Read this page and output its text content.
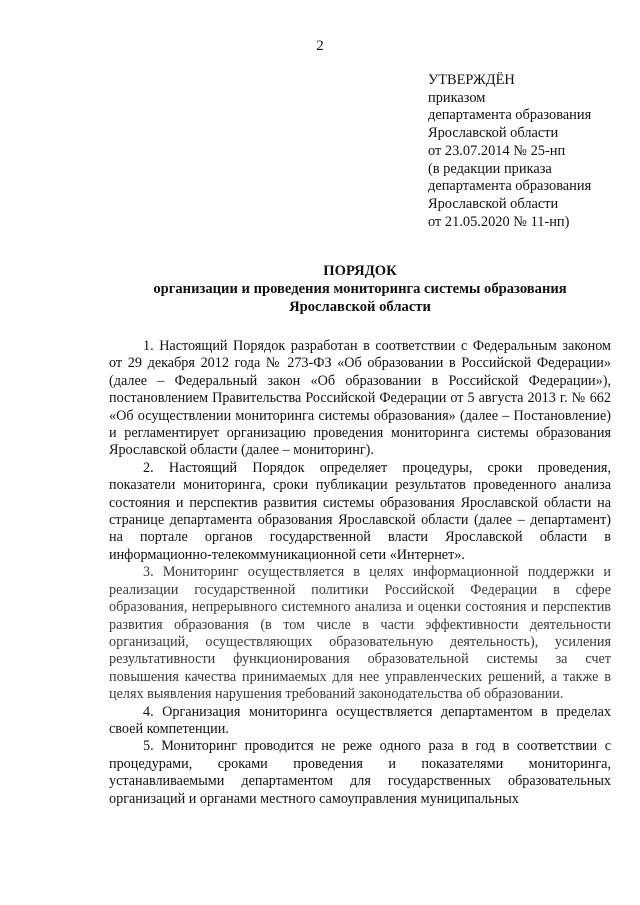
2
УТВЕРЖДЁН
приказом
департамента образования
Ярославской области
от 23.07.2014 № 25-нп
(в редакции приказа
департамента образования
Ярославской области
от 21.05.2020 № 11-нп)
ПОРЯДОК
организации и проведения мониторинга системы образования
Ярославской области

1. Настоящий Порядок разработан в соответствии с Федеральным законом от 29 декабря 2012 года № 273-ФЗ «Об образовании в Российской Федерации» (далее – Федеральный закон «Об образовании в Российской Федерации»), постановлением Правительства Российской Федерации от 5 августа 2013 г. № 662 «Об осуществлении мониторинга системы образования» (далее – Постановление) и регламентирует организацию проведения мониторинга системы образования Ярославской области (далее – мониторинг).

2. Настоящий Порядок определяет процедуры, сроки проведения, показатели мониторинга, сроки публикации результатов проведенного анализа состояния и перспектив развития системы образования Ярославской области на странице департамента образования Ярославской области (далее – департамент) на портале органов государственной власти Ярославской области в информационно-телекоммуникационной сети «Интернет».

3. Мониторинг осуществляется в целях информационной поддержки и реализации государственной политики Российской Федерации в сфере образования, непрерывного системного анализа и оценки состояния и перспектив развития образования (в том числе в части эффективности деятельности организаций, осуществляющих образовательную деятельность), усиления результативности функционирования образовательной системы за счет повышения качества принимаемых для нее управленческих решений, а также в целях выявления нарушения требований законодательства об образовании.

4. Организация мониторинга осуществляется департаментом в пределах своей компетенции.

5. Мониторинг проводится не реже одного раза в год в соответствии с процедурами, сроками проведения и показателями мониторинга, устанавливаемыми департаментом для государственных образовательных организаций и органами местного самоуправления муниципальных
